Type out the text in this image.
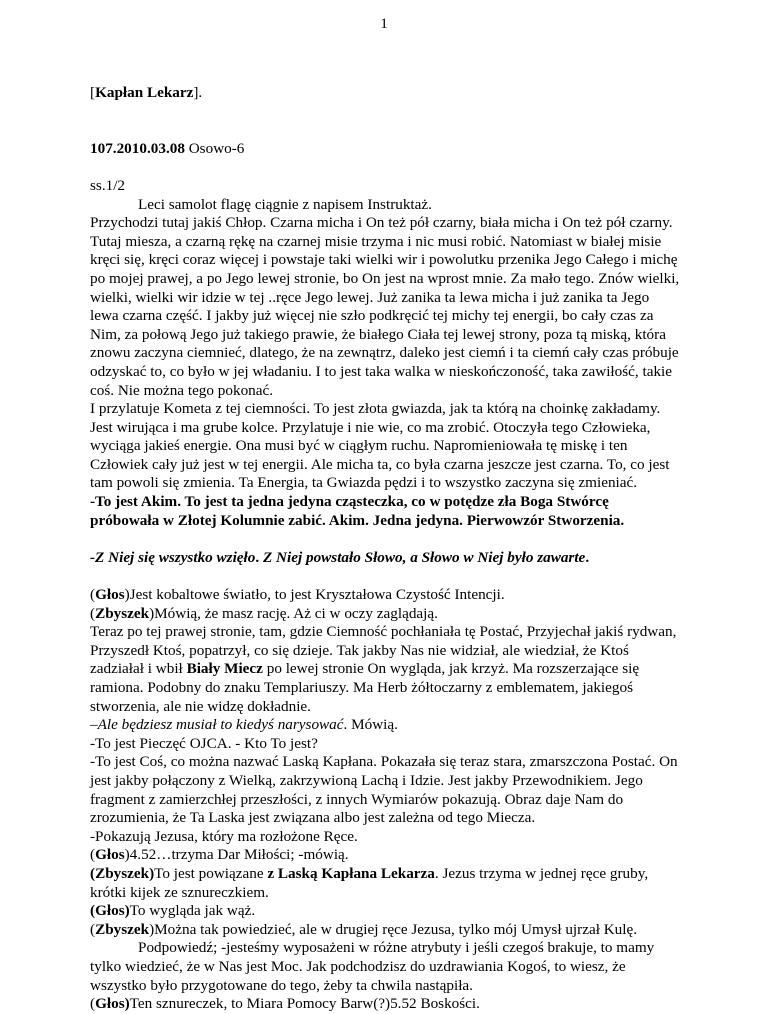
1

[Kapłan Lekarz].

107.2010.03.08 Osowo-6

ss.1/2

Leci samolot flagę ciągnie z napisem Instruktaż.

Przychodzi tutaj jakiś Chłop. Czarna micha i On też pół czarny, biała micha i On też pół czarny. Tutaj miesza, a czarną rękę na czarnej misie trzyma i nic musi robić. Natomiast w białej misie kręci się, kręci coraz więcej i powstaje taki wielki wir i powolutku przenika Jego Całego i michę po mojej prawej, a po Jego lewej stronie, bo On jest na wprost mnie. Za mało tego. Znów wielki, wielki, wielki wir idzie w tej ..ręce Jego lewej. Już zanika ta lewa micha i już zanika ta Jego lewa czarna część. I jakby już więcej nie szło podkręcić tej michy tej energii, bo cały czas za Nim, za połową Jego już takiego prawie, że białego Ciała tej lewej strony, poza tą miską, która znowu zaczyna ciemnieć, dlatego, że na zewnątrz, daleko jest ciemń i ta ciemń cały czas próbuje odzyskać to, co było w jej władaniu. I to jest taka walka w nieskończoność, taka zawiłość, takie coś. Nie można tego pokonać.

I przylatuje Kometa z tej ciemności. To jest złota gwiazda, jak ta którą na choinkę zakładamy. Jest wirująca i ma grube kolce. Przylatuje i nie wie, co ma zrobić. Otoczyła tego Człowieka, wyciąga jakieś energie. Ona musi być w ciągłym ruchu. Napromieniowała tę miskę i ten Człowiek cały już jest w tej energii. Ale micha ta, co była czarna jeszcze jest czarna. To, co jest tam powoli się zmienia. Ta Energia, ta Gwiazda pędzi i to wszystko zaczyna się zmieniać.

-To jest Akim. To jest ta jedna jedyna cząsteczka, co w potędze zła Boga Stwórcę próbowała w Złotej Kolumnie zabić. Akim. Jedna jedyna. Pierwowzór Stworzenia.

-Z Niej się wszystko wzięło. Z Niej powstało Słowo, a Słowo w Niej było zawarte.

(Głos)Jest kobaltowe światło, to jest Kryształowa Czystość Intencji.

(Zbyszek)Mówią, że masz rację. Aż ci w oczy zaglądają.

Teraz po tej prawej stronie, tam, gdzie Ciemność pochłaniała tę Postać, Przyjechał jakiś rydwan, Przyszedł Ktoś, popatrzył, co się dzieje. Tak jakby Nas nie widział, ale wiedział, że Ktoś zadziałał i wbił Biały Miecz po lewej stronie On wygląda, jak krzyż. Ma rozszerzające się ramiona. Podobny do znaku Templariuszy. Ma Herb żółtoczarny z emblematem, jakiegoś stworzenia, ale nie widzę dokładnie.

–Ale będziesz musiał to kiedyś narysować. Mówią.

-To jest Pieczęć OJCA. - Kto To jest?

-To jest Coś, co można nazwać Laską Kapłana. Pokazała się teraz stara, zmarszczona Postać. On jest jakby połączony z Wielką, zakrzywioną Lachą i Idzie. Jest jakby Przewodnikiem. Jego fragment z zamierzchłej przeszłości, z innych Wymiarów pokazują. Obraz daje Nam do zrozumienia, że Ta Laska jest związana albo jest zależna od tego Miecza.

-Pokazują Jezusa, który ma rozłożone Ręce.

(Głos)4.52…trzyma Dar Miłości; -mówią.

(Zbyszek)To jest powiązane z Laską Kapłana Lekarza. Jezus trzyma w jednej ręce gruby, krótki kijek ze sznureczkiem.

(Głos)To wygląda jak wąż.

(Zbyszek)Można tak powiedzieć, ale w drugiej ręce Jezusa, tylko mój Umysł ujrzał Kulę.

Podpowiedź; -jesteśmy wyposażeni w różne atrybuty i jeśli czegoś brakuje, to mamy tylko wiedzieć, że w Nas jest Moc. Jak podchodzisz do uzdrawiania Kogoś, to wiesz, że wszystko było przygotowane do tego, żeby ta chwila nastąpiła.

(Głos)Ten sznureczek, to Miara Pomocy Barw(?)5.52 Boskości.
